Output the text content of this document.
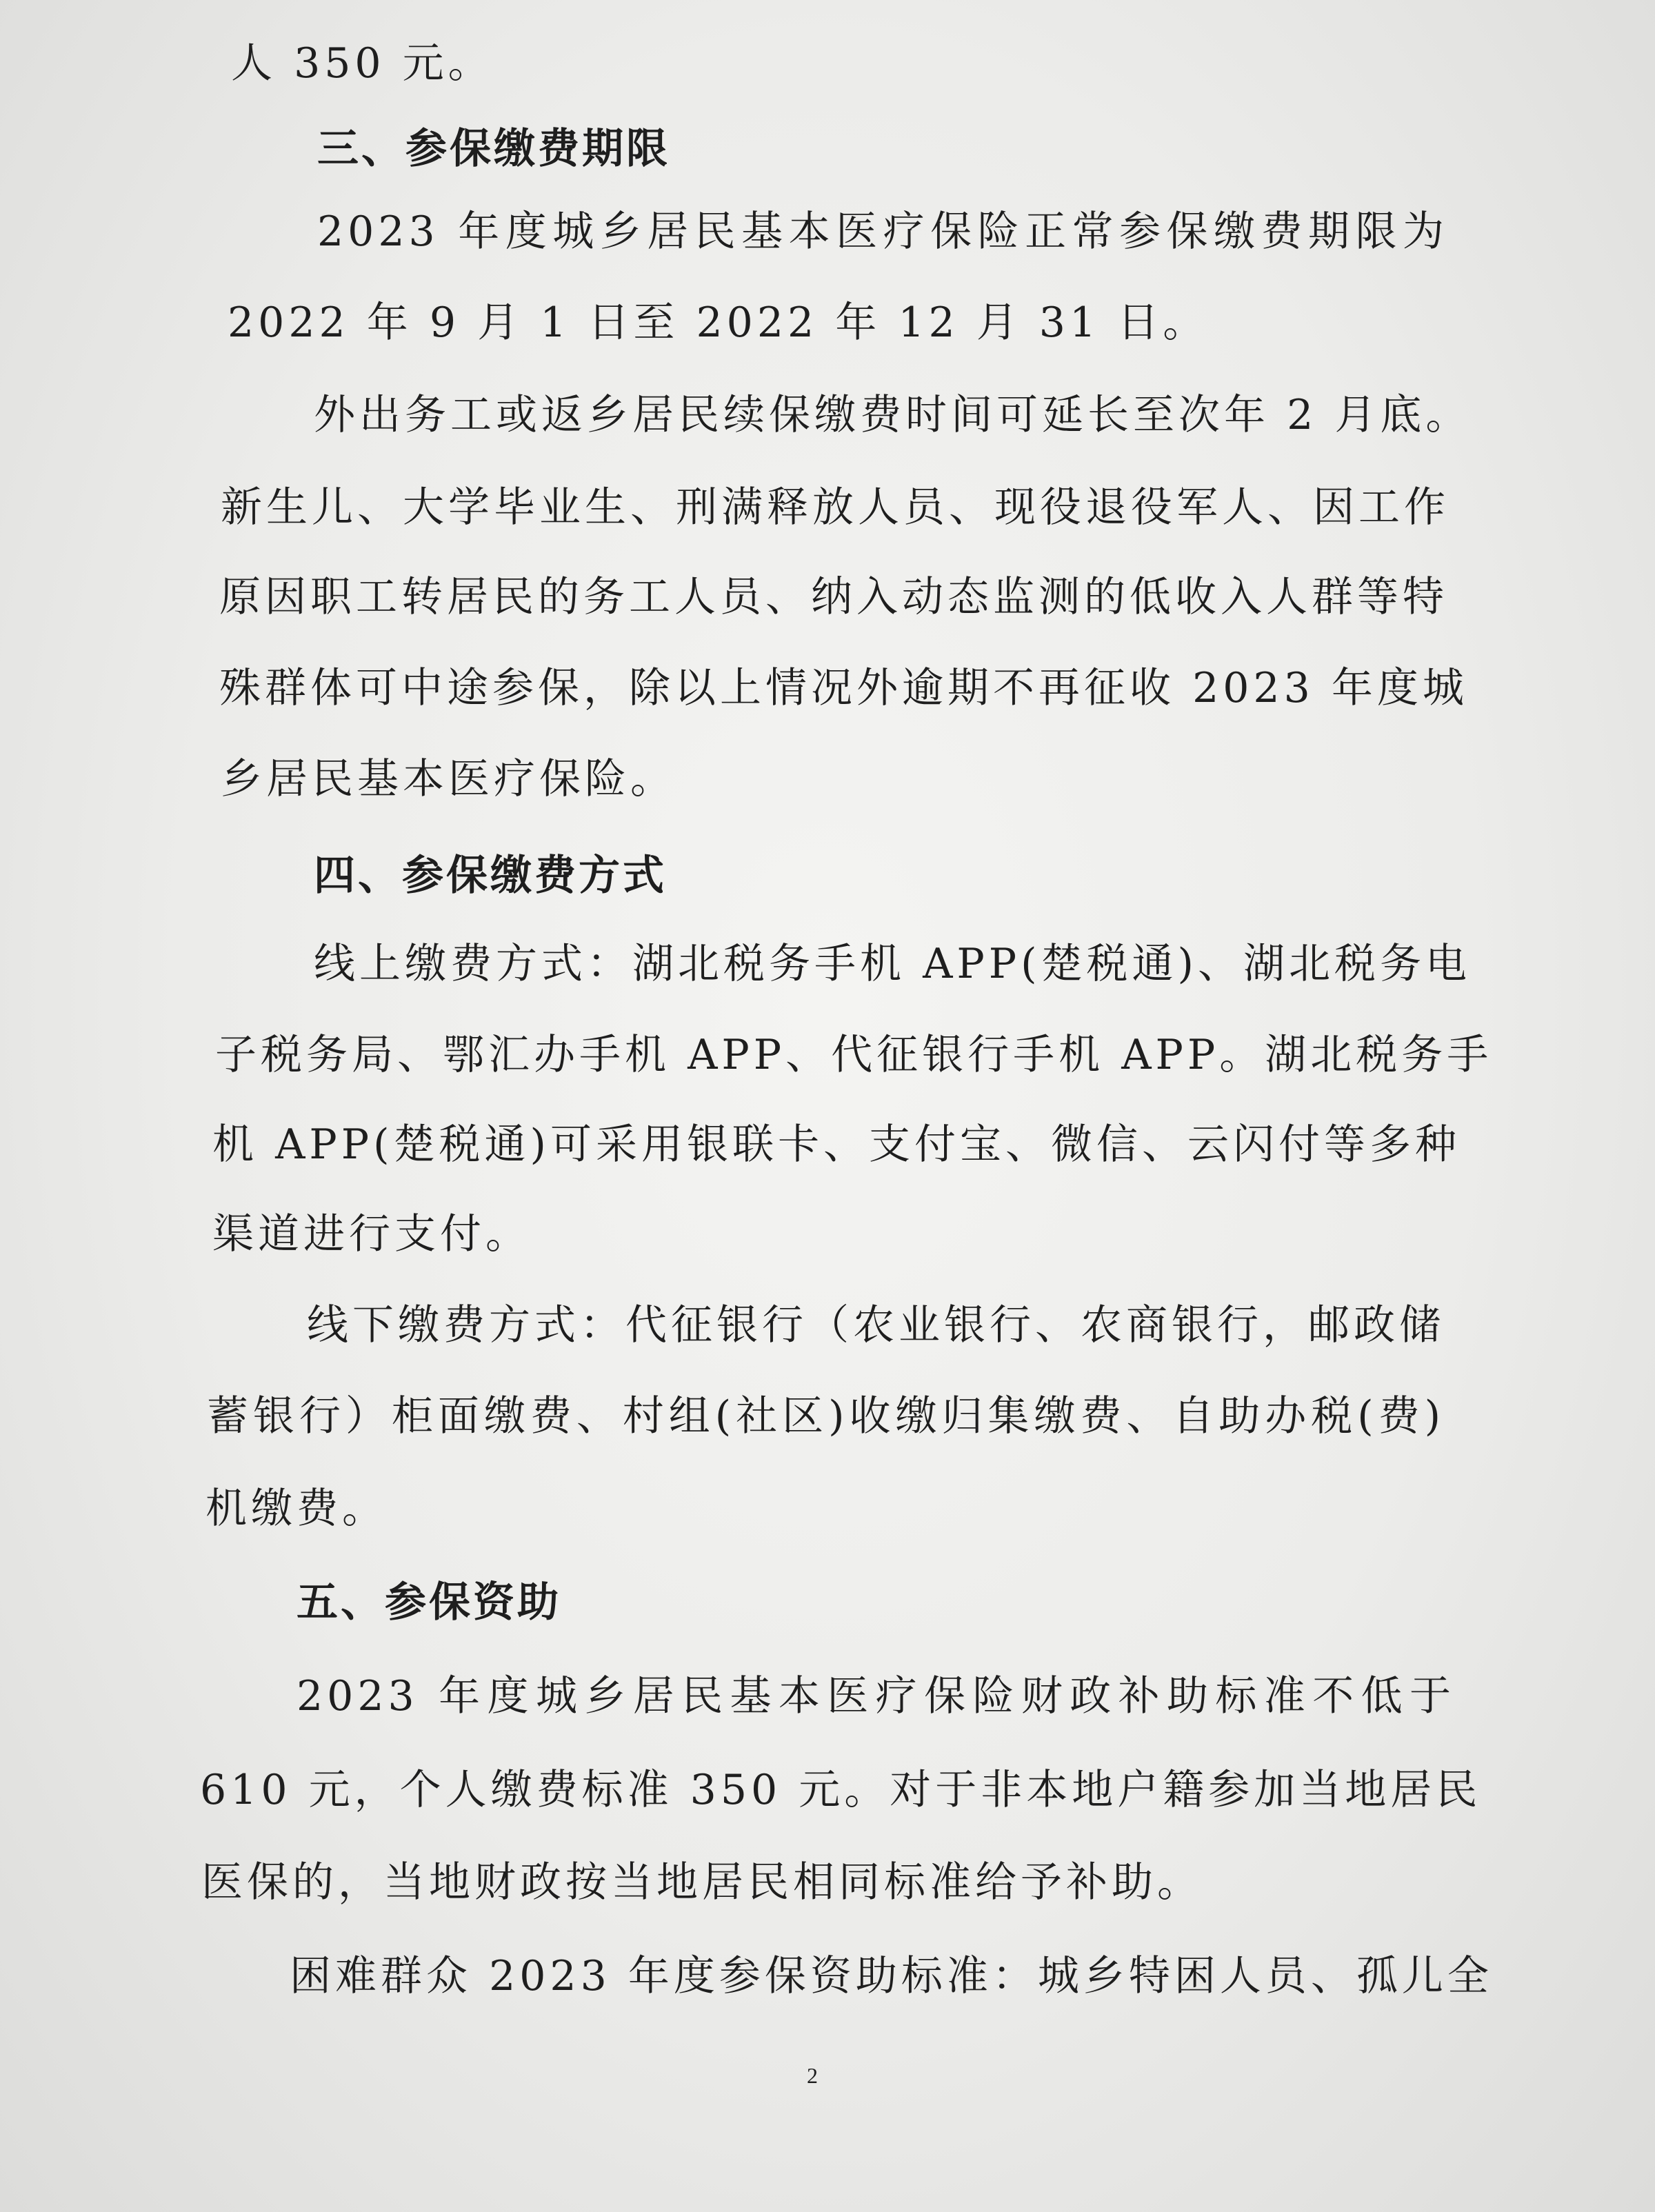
人 350 元。

三、参保缴费期限

2023 年度城乡居民基本医疗保险正常参保缴费期限为

2022 年 9 月 1 日至 2022 年 12 月 31 日。

外出务工或返乡居民续保缴费时间可延长至次年 2 月底。

新生儿、大学毕业生、刑满释放人员、现役退役军人、因工作

原因职工转居民的务工人员、纳入动态监测的低收入人群等特

殊群体可中途参保，除以上情况外逾期不再征收 2023 年度城

乡居民基本医疗保险。

四、参保缴费方式

线上缴费方式：湖北税务手机 APP(楚税通)、湖北税务电

子税务局、鄂汇办手机 APP、代征银行手机 APP。湖北税务手

机 APP(楚税通)可采用银联卡、支付宝、微信、云闪付等多种

渠道进行支付。

线下缴费方式：代征银行（农业银行、农商银行，邮政储

蓄银行）柜面缴费、村组(社区)收缴归集缴费、自助办税(费)

机缴费。

五、参保资助

2023 年度城乡居民基本医疗保险财政补助标准不低于

610 元，个人缴费标准 350 元。对于非本地户籍参加当地居民

医保的，当地财政按当地居民相同标准给予补助。

困难群众 2023 年度参保资助标准：城乡特困人员、孤儿全

2
